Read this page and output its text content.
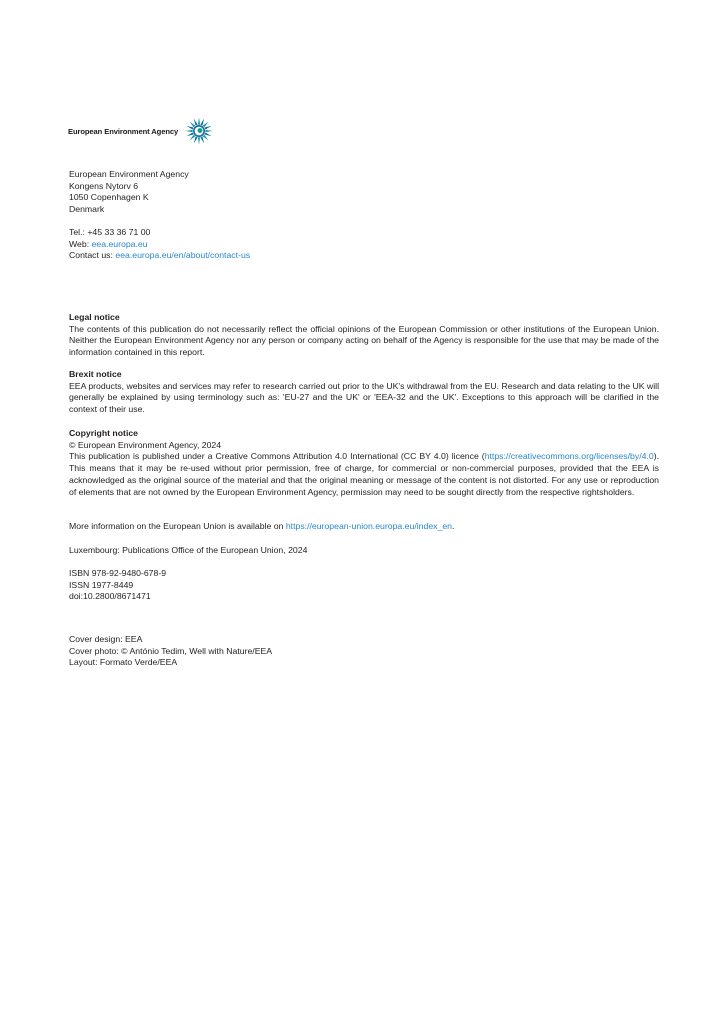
European Environment Agency

European Environment Agency

Kongens Nytorv 6

1050 Copenhagen K

Denmark

Tel.: +45 33 36 71 00

Web: eea.europa.eu

Contact us: eea.europa.eu/en/about/contact-us

Legal notice

The contents of this publication do not necessarily reflect the official opinions of the European Commission or other institutions of the European Union. Neither the European Environment Agency nor any person or company acting on behalf of the Agency is responsible for the use that may be made of the information contained in this report.

Brexit notice

EEA products, websites and services may refer to research carried out prior to the UK's withdrawal from the EU. Research and data relating to the UK will generally be explained by using terminology such as: 'EU-27 and the UK' or 'EEA-32 and the UK'. Exceptions to this approach will be clarified in the context of their use.

Copyright notice

© European Environment Agency, 2024

This publication is published under a Creative Commons Attribution 4.0 International (CC BY 4.0) licence (https://creativecommons.org/licenses/by/4.0). This means that it may be re-used without prior permission, free of charge, for commercial or non-commercial purposes, provided that the EEA is acknowledged as the original source of the material and that the original meaning or message of the content is not distorted. For any use or reproduction of elements that are not owned by the European Environment Agency, permission may need to be sought directly from the respective rightsholders.

More information on the European Union is available on https://european-union.europa.eu/index_en.

Luxembourg: Publications Office of the European Union, 2024

ISBN 978-92-9480-678-9

ISSN 1977-8449

doi:10.2800/8671471

Cover design: EEA

Cover photo: © António Tedim, Well with Nature/EEA

Layout: Formato Verde/EEA
